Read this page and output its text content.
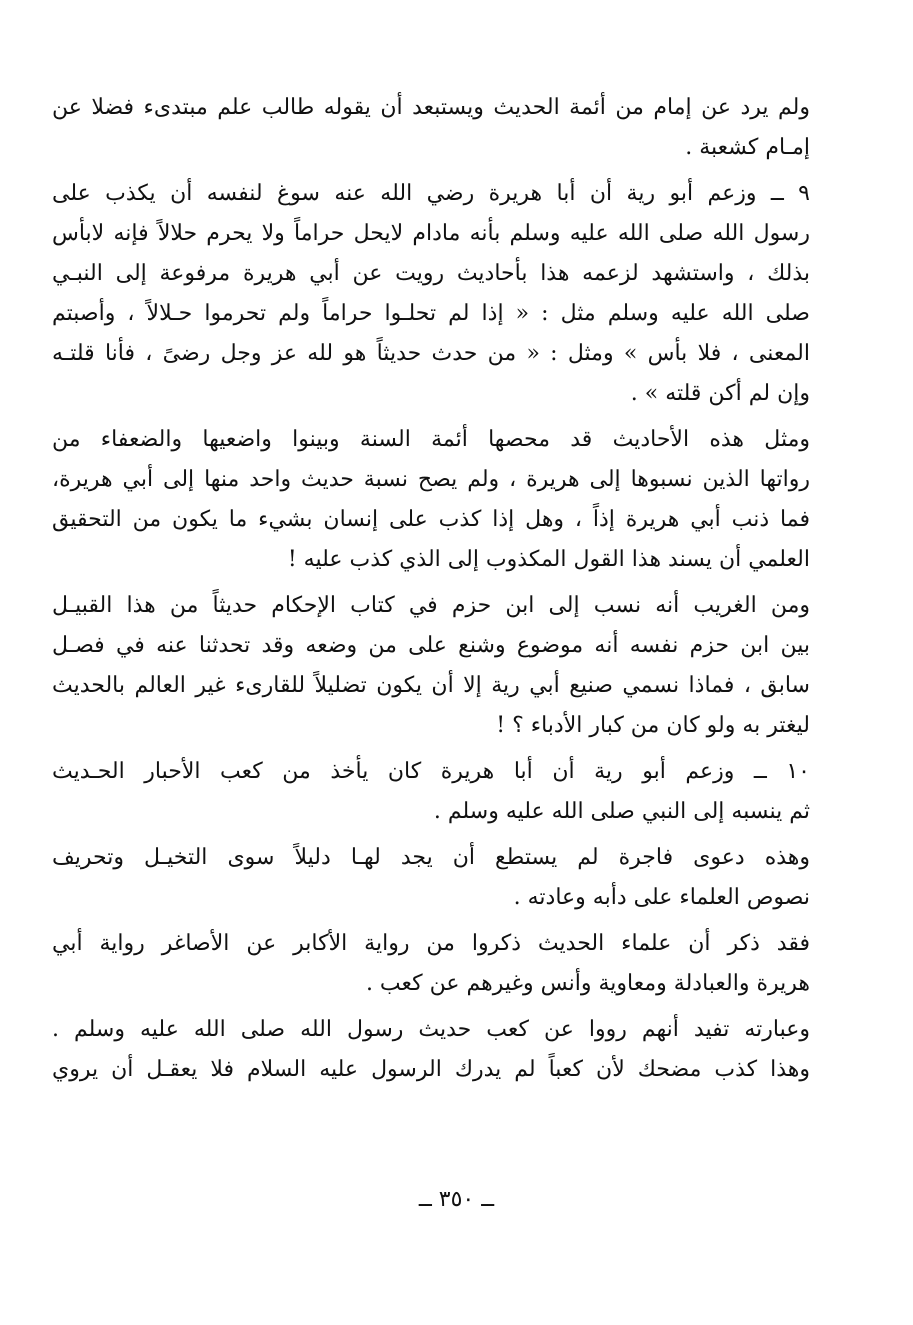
ولم يرد عن إمام من أئمة الحديث ويستبعد أن يقوله طالب علم مبتدىء فضلا عن
إمـام كشعبة .
٩ ــ وزعم أبو رية أن أبا هريرة رضي الله عنه سوغ لنفسه أن يكذب على
رسول الله صلى الله عليه وسلم بأنه مادام لايحل حراماً ولا يحرم حلالاً فإنه لابأس
بذلك ، واستشهد لزعمه هذا بأحاديث رويت عن أبي هريرة مرفوعة إلى النبـي
صلى الله عليه وسلم مثل : « إذا لم تحلـوا حراماً ولم تحرموا حـلالاً ، وأصبتم
المعنى ، فلا بأس » ومثل : « من حدث حديثاً هو لله عز وجل رضىً ، فأنا قلتـه
وإن لم أكن قلته » .
ومثل هذه الأحاديث قد محصها أئمة السنة وبينوا واضعيها والضعفاء من
رواتها الذين نسبوها إلى هريرة ، ولم يصح نسبة حديث واحد منها إلى أبي هريرة،
فما ذنب أبي هريرة إذاً ، وهل إذا كذب على إنسان بشيء ما يكون من التحقيق
العلمي أن يسند هذا القول المكذوب إلى الذي كذب عليه !
ومن الغريب أنه نسب إلى ابن حزم في كتاب الإحكام حديثاً من هذا القبيـل
بين ابن حزم نفسه أنه موضوع وشنع على من وضعه وقد تحدثنا عنه في فصـل
سابق ، فماذا نسمي صنيع أبي رية إلا أن يكون تضليلاً للقارىء غير العالم بالحديث
ليغتر به ولو كان من كبار الأدباء ؟ !
١٠ ــ وزعم أبو رية أن أبا هريرة كان يأخذ من كعب الأحبار الحـديث
ثم ينسبه إلى النبي صلى الله عليه وسلم .
وهذه دعوى فاجرة لم يستطع أن يجد لهـا دليلاً سوى التخيـل وتحريف
نصوص العلماء على دأبه وعادته .
فقد ذكر أن علماء الحديث ذكروا من رواية الأكابر عن الأصاغر رواية أبي
هريرة والعبادلة ومعاوية وأنس وغيرهم عن كعب .
وعبارته تفيد أنهم رووا عن كعب حديث رسول الله صلى الله عليه وسلم .
وهذا كذب مضحك لأن كعباً لم يدرك الرسول عليه السلام فلا يعقـل أن يروي
ــ ٣٥٠ ــ
